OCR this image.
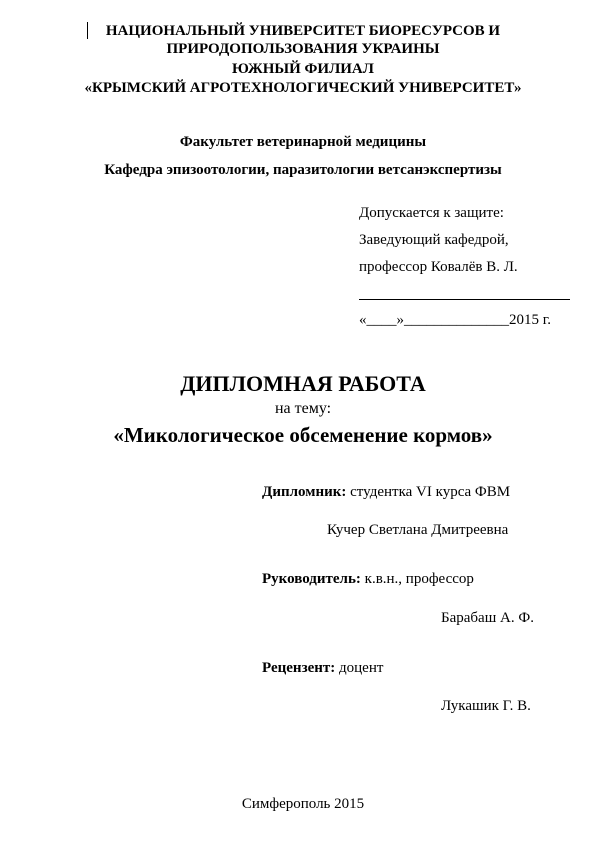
НАЦИОНАЛЬНЫЙ УНИВЕРСИТЕТ БИОРЕСУРСОВ И
ПРИРОДОПОЛЬЗОВАНИЯ УКРАИНЫ
ЮЖНЫЙ ФИЛИАЛ
«КРЫМСКИЙ АГРОТЕХНОЛОГИЧЕСКИЙ УНИВЕРСИТЕТ»
Факультет ветеринарной медицины
Кафедра эпизоотологии, паразитологии ветсанэкспертизы
Допускается к защите:
Заведующий кафедрой,
профессор Ковалёв В. Л.
«____»______________2015 г.
ДИПЛОМНАЯ РАБОТА
на тему:
«Микологическое обсеменение кормов»
Дипломник: студентка VI курса ФВМ
Кучер Светлана Дмитреевна
Руководитель: к.в.н., профессор
Барабаш А. Ф.
Рецензент: доцент
Лукашик Г. В.
Симферополь 2015
